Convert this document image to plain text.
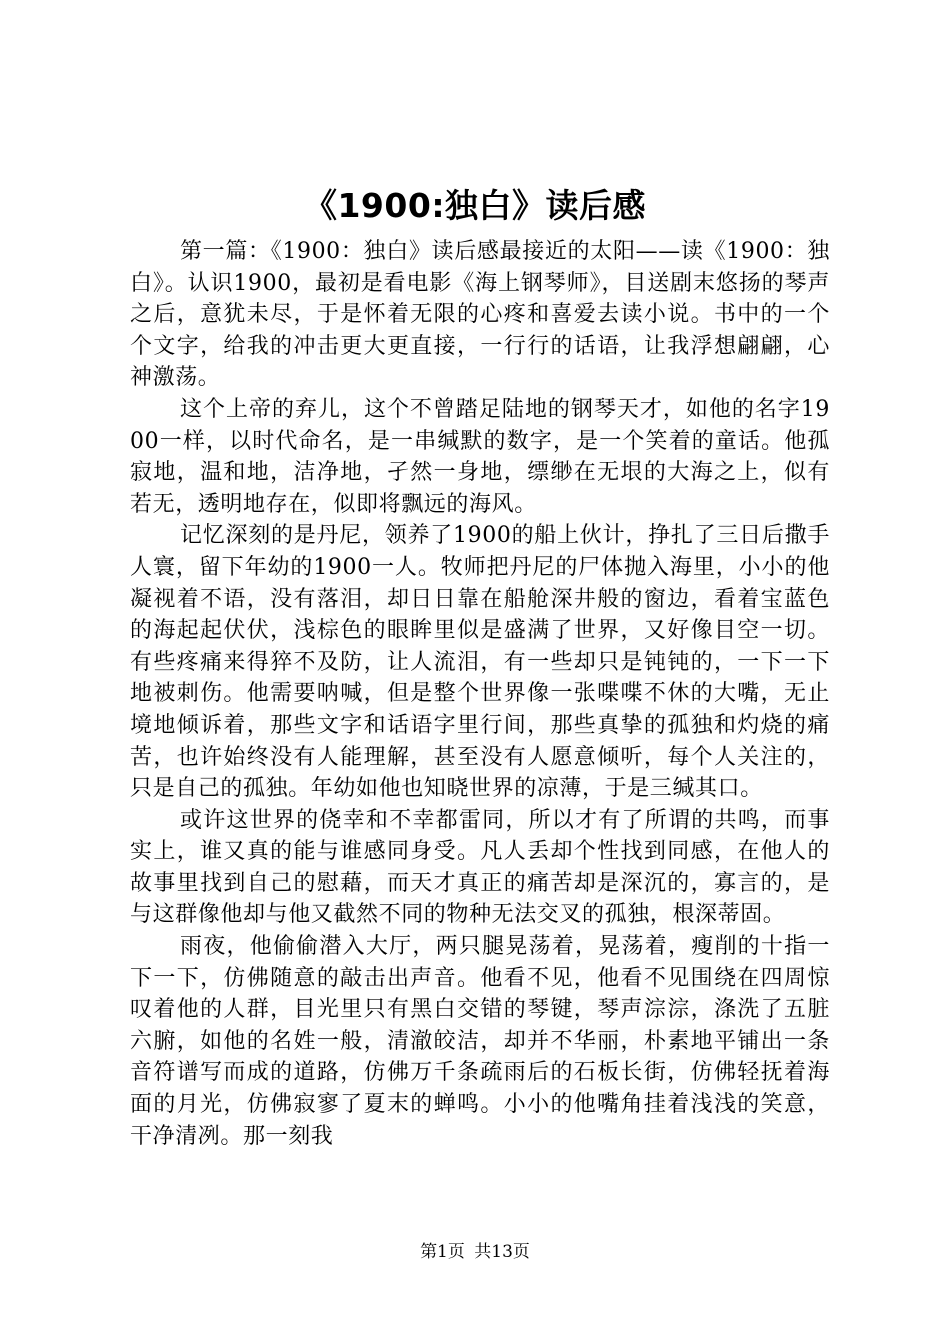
《1900:独白》读后感

第一篇：《1900：独白》读后感最接近的太阳——读《1900：独白》。认识1900，最初是看电影《海上钢琴师》，目送剧末悠扬的琴声之后，意犹未尽，于是怀着无限的心疼和喜爱去读小说。书中的一个个文字，给我的冲击更大更直接，一行行的话语，让我浮想翩翩，心神激荡。

这个上帝的弃儿，这个不曾踏足陆地的钢琴天才，如他的名字1900一样，以时代命名，是一串缄默的数字，是一个笑着的童话。他孤寂地，温和地，洁净地，孑然一身地，缥缈在无垠的大海之上，似有若无，透明地存在，似即将飘远的海风。

记忆深刻的是丹尼，领养了1900的船上伙计，挣扎了三日后撒手人寰，留下年幼的1900一人。牧师把丹尼的尸体抛入海里，小小的他凝视着不语，没有落泪，却日日靠在船舱深井般的窗边，看着宝蓝色的海起起伏伏，浅棕色的眼眸里似是盛满了世界，又好像目空一切。有些疼痛来得猝不及防，让人流泪，有一些却只是钝钝的，一下一下地被刺伤。他需要呐喊，但是整个世界像一张喋喋不休的大嘴，无止境地倾诉着，那些文字和话语字里行间，那些真挚的孤独和灼烧的痛苦，也许始终没有人能理解，甚至没有人愿意倾听，每个人关注的，只是自己的孤独。年幼如他也知晓世界的凉薄，于是三缄其口。

或许这世界的侥幸和不幸都雷同，所以才有了所谓的共鸣，而事实上，谁又真的能与谁感同身受。凡人丢却个性找到同感，在他人的故事里找到自己的慰藉，而天才真正的痛苦却是深沉的，寡言的，是与这群像他却与他又截然不同的物种无法交叉的孤独，根深蒂固。

雨夜，他偷偷潜入大厅，两只腿晃荡着，晃荡着，瘦削的十指一下一下，仿佛随意的敲击出声音。他看不见，他看不见围绕在四周惊叹着他的人群，目光里只有黑白交错的琴键，琴声淙淙，涤洗了五脏六腑，如他的名姓一般，清澈皎洁，却并不华丽，朴素地平铺出一条音符谱写而成的道路，仿佛万千条疏雨后的石板长街，仿佛轻抚着海面的月光，仿佛寂寥了夏末的蝉鸣。小小的他嘴角挂着浅浅的笑意，干净清冽。那一刻我

第1页 共13页
